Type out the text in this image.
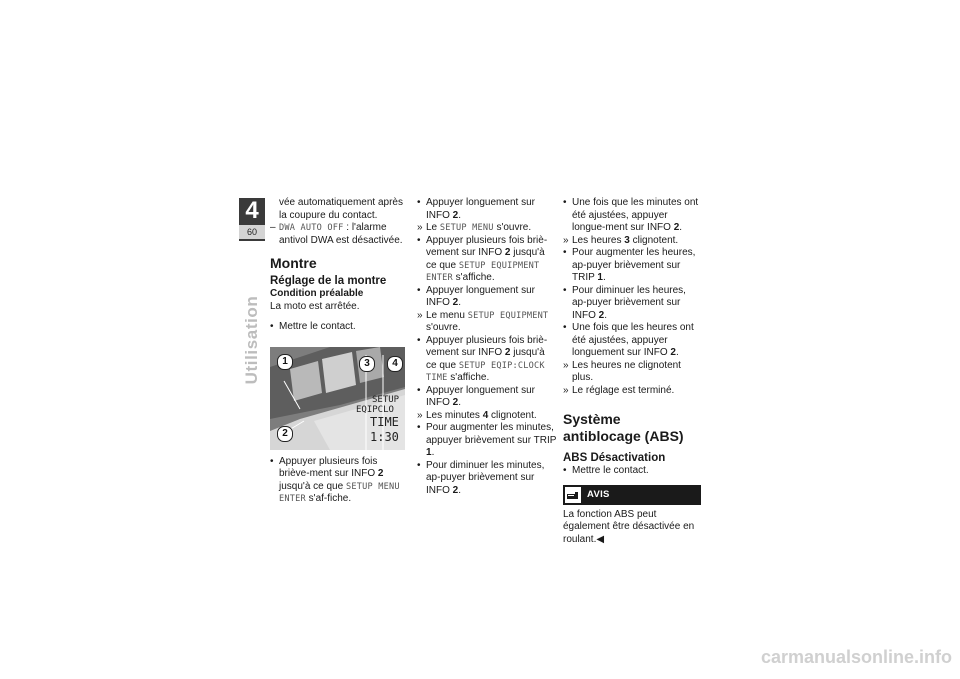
4
60
Utilisation

vée automatiquement après la coupure du contact.

– DWA AUTO OFF : l'alarme antivol DWA est désactivée.
Montre
Réglage de la montre
Condition préalable

La moto est arrêtée.

• Mettre le contact.
SETUP
EQIPCLO
TIME
1:30
1
2
3	4
• Appuyer plusieurs fois briève-ment sur INFO 2 jusqu'à ce que SETUP MENU ENTER s'af-fiche.
• Appuyer longuement sur INFO 2.
» Le SETUP MENU s'ouvre.
• Appuyer plusieurs fois briè-vement sur INFO 2 jusqu'à ce que SETUP EQUIPMENT ENTER s'affiche.
• Appuyer longuement sur INFO 2.
» Le menu SETUP EQUIPMENT s'ouvre.
• Appuyer plusieurs fois briè-vement sur INFO 2 jusqu'à ce que SETUP EQIP:CLOCK TIME s'affiche.
• Appuyer longuement sur INFO 2.
» Les minutes 4 clignotent.
• Pour augmenter les minutes, appuyer brièvement sur TRIP 1.
• Pour diminuer les minutes, ap-puyer brièvement sur INFO 2.
• Une fois que les minutes ont été ajustées, appuyer longue-ment sur INFO 2.
» Les heures 3 clignotent.
• Pour augmenter les heures, ap-puyer brièvement sur TRIP 1.
• Pour diminuer les heures, ap-puyer brièvement sur INFO 2.
• Une fois que les heures ont été ajustées, appuyer longuement sur INFO 2.
» Les heures ne clignotent plus.
» Le réglage est terminé.
Système antiblocage (ABS)
ABS Désactivation
• Mettre le contact.
AVIS

La fonction ABS peut également être désactivée en roulant.◀

carmanualsonline.info
